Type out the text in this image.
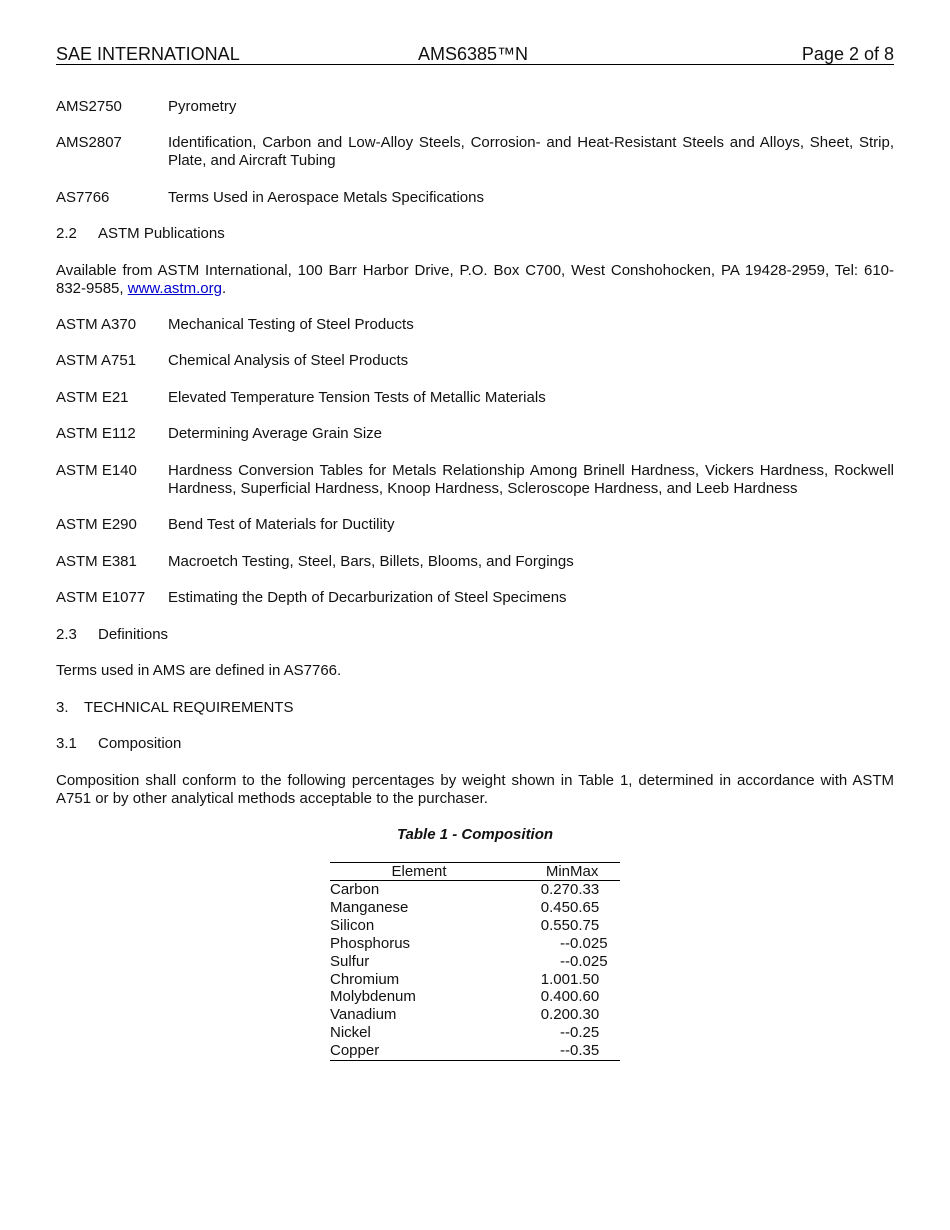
SAE INTERNATIONAL	AMS6385™N	Page 2 of 8
AMS2750	Pyrometry
AMS2807	Identification, Carbon and Low-Alloy Steels, Corrosion- and Heat-Resistant Steels and Alloys, Sheet, Strip, Plate, and Aircraft Tubing
AS7766	Terms Used in Aerospace Metals Specifications
2.2 ASTM Publications
Available from ASTM International, 100 Barr Harbor Drive, P.O. Box C700, West Conshohocken, PA 19428-2959, Tel: 610-832-9585, www.astm.org.
ASTM A370 Mechanical Testing of Steel Products
ASTM A751 Chemical Analysis of Steel Products
ASTM E21	Elevated Temperature Tension Tests of Metallic Materials
ASTM E112 Determining Average Grain Size
ASTM E140 Hardness Conversion Tables for Metals Relationship Among Brinell Hardness, Vickers Hardness, Rockwell Hardness, Superficial Hardness, Knoop Hardness, Scleroscope Hardness, and Leeb Hardness
ASTM E290 Bend Test of Materials for Ductility
ASTM E381 Macroetch Testing, Steel, Bars, Billets, Blooms, and Forgings
ASTM E1077 Estimating the Depth of Decarburization of Steel Specimens
2.3 Definitions
Terms used in AMS are defined in AS7766.
3. TECHNICAL REQUIREMENTS
3.1 Composition
Composition shall conform to the following percentages by weight shown in Table 1, determined in accordance with ASTM A751 or by other analytical methods acceptable to the purchaser.
Table 1 - Composition
Element	Min	Max
Carbon	0.27	0.33
Manganese	0.45	0.65
Silicon	0.55	0.75
Phosphorus	--	0.025
Sulfur	--	0.025
Chromium	1.00	1.50
Molybdenum	0.40	0.60
Vanadium	0.20	0.30
Nickel	--	0.25
Copper	--	0.35
